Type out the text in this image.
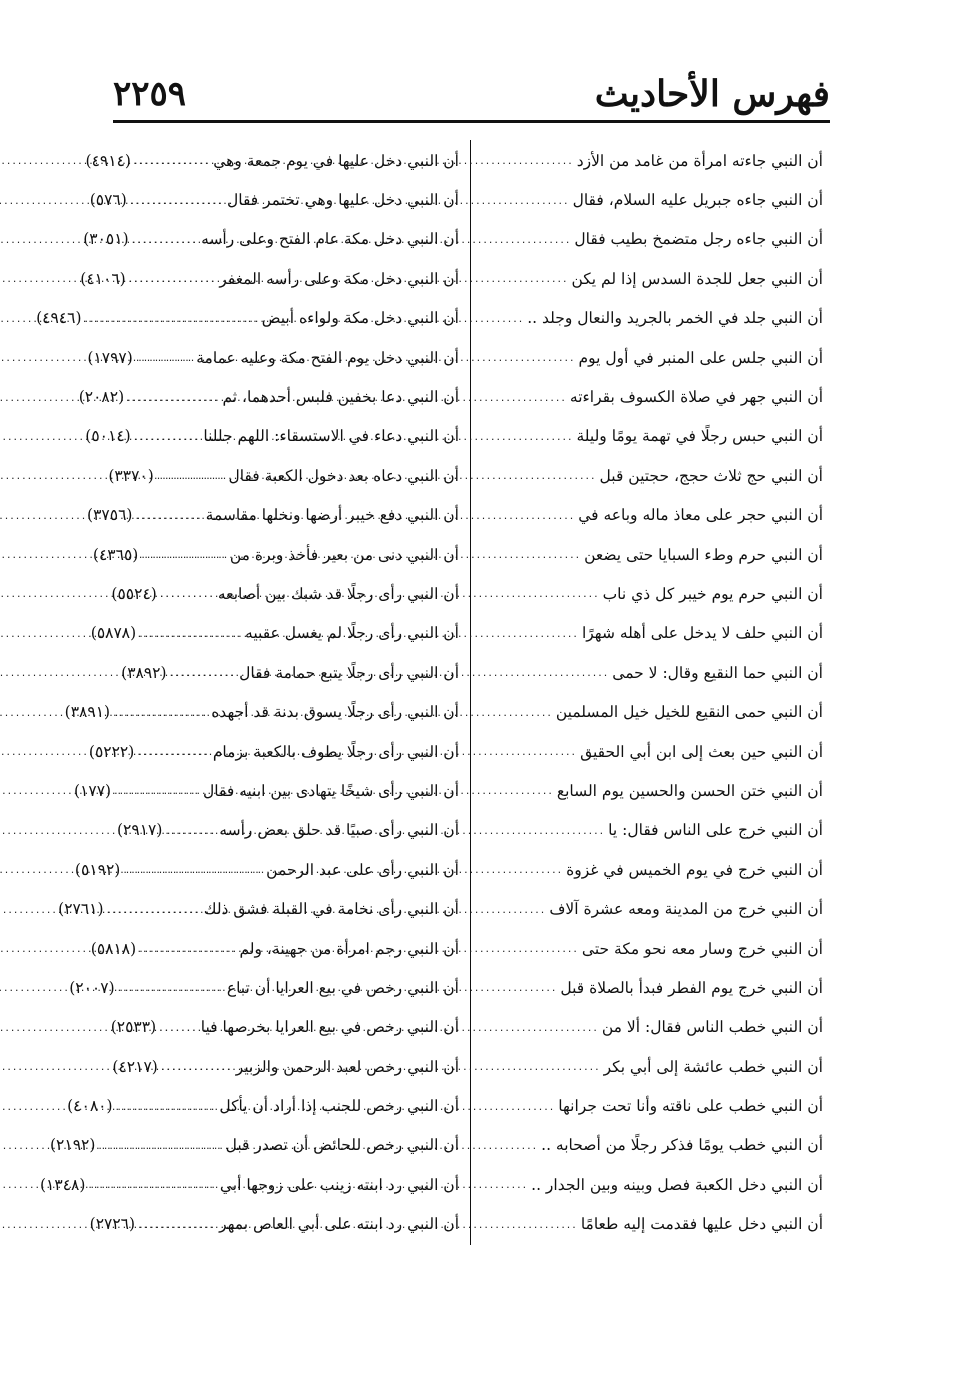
فهرس الأحاديث
٢٢٥٩
أن النبي جاءته امرأة من غامد من الأزد
.....
(٤٩١٤)
أن النبي جاءه جبريل عليه السلام، فقال
.....
(٥٧٦)
أن النبي جاءه رجل متضمخ بطيب فقال
.....
(٣٠٥١)
أن النبي جعل للجدة السدس إذا لم يكن
.....
(٤١٠٦)
أن النبي جلد في الخمر بالجريد والنعال وجلد ..
.....
(٤٩٤٦)
أن النبي جلس على المنبر في أول يوم
.....
(١٧٩٧)
أن النبي جهر في صلاة الكسوف بقراءته
.....
(٢٠٨٢)
أن النبي حبس رجلًا في تهمة يومًا وليلة
.....
(٥٠١٤)
أن النبي حج ثلاث حجج، حجتين قبل
.....
(٣٣٧٠)
أن النبي حجر على معاذ ماله وباعه في
.....
(٣٧٥٦)
أن النبي حرم وطء السبايا حتى يضعن
.....
(٤٣٦٥)
أن النبي حرم يوم خيبر كل ذي ناب
.....
(٥٥٢٤)
أن النبي حلف لا يدخل على أهله شهرًا
.....
(٥٨٧٨)
أن النبي حما النقيع وقال: لا حمى
.....
(٣٨٩٢)
أن النبي حمى النقيع للخيل خيل المسلمين
.....
(٣٨٩١)
أن النبي حين بعث إلى ابن أبي الحقيق
.....
(٥٢٢٢)
أن النبي ختن الحسن والحسين يوم السابع
.....
(١٧٧)
أن النبي خرج على الناس فقال: يا
.....
(٢٩١٧)
أن النبي خرج في يوم الخميس في غزوة
.....
(٥١٩٢)
أن النبي خرج من المدينة ومعه عشرة آلاف
.....
(٢٧٦١)
أن النبي خرج وسار معه نحو مكة حتى
.....
(٥٨١٨)
أن النبي خرج يوم الفطر فبدأ بالصلاة قبل
.....
(٢٠٠٧)
أن النبي خطب الناس فقال: ألا من
.....
(٢٥٣٣)
أن النبي خطب عائشة إلى أبي بكر
.....
(٤٢١٧)
أن النبي خطب على ناقته وأنا تحت جرانها
.....
(٤٠٨٠)
أن النبي خطب يومًا فذكر رجلًا من أصحابه ..
.....
(٢١٩٢)
أن النبي دخل الكعبة فصل وبينه وبين الجدار ..
.....
(١٣٤٨)
أن النبي دخل عليها فقدمت إليه طعامًا
.....
(٢٧٢٦)
أن النبي دخل عليها في يوم جمعة وهي
.....
أن النبي دخل عليها وهي تختمر فقال
.....
أن النبي دخل مكة عام الفتح وعلى رأسه
.....
أن النبي دخل مكة وعلى رأسه المغفر
.....
أن النبي دخل مكة ولواءه أبيض
.....
أن النبي دخل يوم الفتح مكة وعليه عمامة
.....
أن النبي دعا بخفين فلبس أحدهما، ثم
.....
أن النبي دعاء في الاستسقاء: اللهم جللنا
.....
أن النبي دعاه بعد دخول الكعبة فقال
.....
أن النبي دفع خيبر أرضها ونخلها مقاسمة
.....
أن النبي دنى من بعير فأخذ وبرة من
.....
أن النبي رأى رجلًا قد شبك بين أصابعه
.....
أن النبي رأى رجلًا لم يغسل عقبيه
.....
أن النبي رأى رجلًا يتبع حمامة فقال
.....
أن النبي رأى رجلًا يسوق بدنة قد أجهده
.....
أن النبي رأى رجلًا يطوف بالكعبة بزمام
.....
أن النبي رأى شيخًا يتهادى بين ابنيه فقال
.....
أن النبي رأى صبيًا قد حلق بعض رأسه
.....
أن النبي رأى على عبد الرحمن
.....
أن النبي رأى نخامة في القبلة فشق ذلك
.....
أن النبي رجم امرأة من جهينة، ولم
.....
أن النبي رخص في بيع العرايا أن تباع
.....
أن النبي رخص في بيع العرايا بخرصها فيا
.....
أن النبي رخص لعبد الرحمن والزبير
.....
أن النبي رخص للجنب إذا أراد أن يأكل
.....
أن النبي رخص للحائض أن تصدر قبل
.....
أن النبي رد ابنته زينب على زوجها أبي
.....
أن النبي رد ابنته على أبي العاص بمهر
.....
